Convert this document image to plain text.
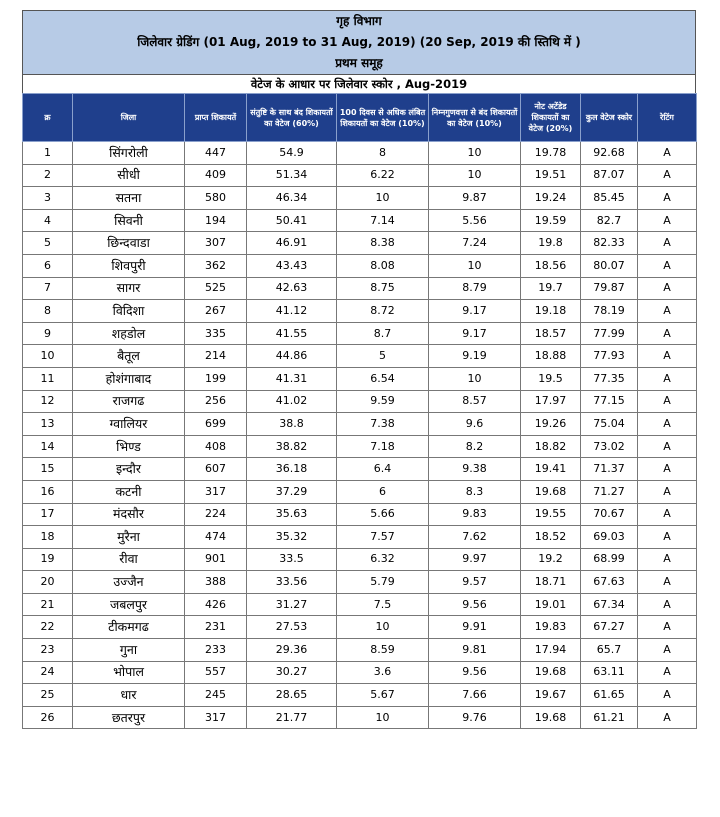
गृह विभाग
जिलेवार ग्रेडिंग (01 Aug, 2019 to 31 Aug, 2019) (20 Sep, 2019 की स्तिथि में )
प्रथम समूह
वेटेज के आधार पर जिलेवार स्कोर , Aug-2019
क्र	जिला	प्राप्त शिकायतें	संतुष्टि के साथ बंद शिकायतों का वेटेज (60%)	100 दिवस से अधिक लंबित शिकायतों का वेटेज (10%)	निम्नगुणवत्ता से बंद शिकायतों का वेटेज (10%)	नोट अटेंडेड शिकायतों का वेटेज (20%)	कुल वेटेज स्कोर	रेटिंग
1	सिंगरोली	447	54.9	8	10	19.78	92.68	A
2	सीधी	409	51.34	6.22	10	19.51	87.07	A
3	सतना	580	46.34	10	9.87	19.24	85.45	A
4	सिवनी	194	50.41	7.14	5.56	19.59	82.7	A
5	छिन्दवाडा	307	46.91	8.38	7.24	19.8	82.33	A
6	शिवपुरी	362	43.43	8.08	10	18.56	80.07	A
7	सागर	525	42.63	8.75	8.79	19.7	79.87	A
8	विदिशा	267	41.12	8.72	9.17	19.18	78.19	A
9	शहडोल	335	41.55	8.7	9.17	18.57	77.99	A
10	बैतूल	214	44.86	5	9.19	18.88	77.93	A
11	होशंगाबाद	199	41.31	6.54	10	19.5	77.35	A
12	राजगढ	256	41.02	9.59	8.57	17.97	77.15	A
13	ग्वालियर	699	38.8	7.38	9.6	19.26	75.04	A
14	भिण्ड	408	38.82	7.18	8.2	18.82	73.02	A
15	इन्दौर	607	36.18	6.4	9.38	19.41	71.37	A
16	कटनी	317	37.29	6	8.3	19.68	71.27	A
17	मंदसौर	224	35.63	5.66	9.83	19.55	70.67	A
18	मुरैना	474	35.32	7.57	7.62	18.52	69.03	A
19	रीवा	901	33.5	6.32	9.97	19.2	68.99	A
20	उज्जैन	388	33.56	5.79	9.57	18.71	67.63	A
21	जबलपुर	426	31.27	7.5	9.56	19.01	67.34	A
22	टीकमगढ	231	27.53	10	9.91	19.83	67.27	A
23	गुना	233	29.36	8.59	9.81	17.94	65.7	A
24	भोपाल	557	30.27	3.6	9.56	19.68	63.11	A
25	धार	245	28.65	5.67	7.66	19.67	61.65	A
26	छतरपुर	317	21.77	10	9.76	19.68	61.21	A
